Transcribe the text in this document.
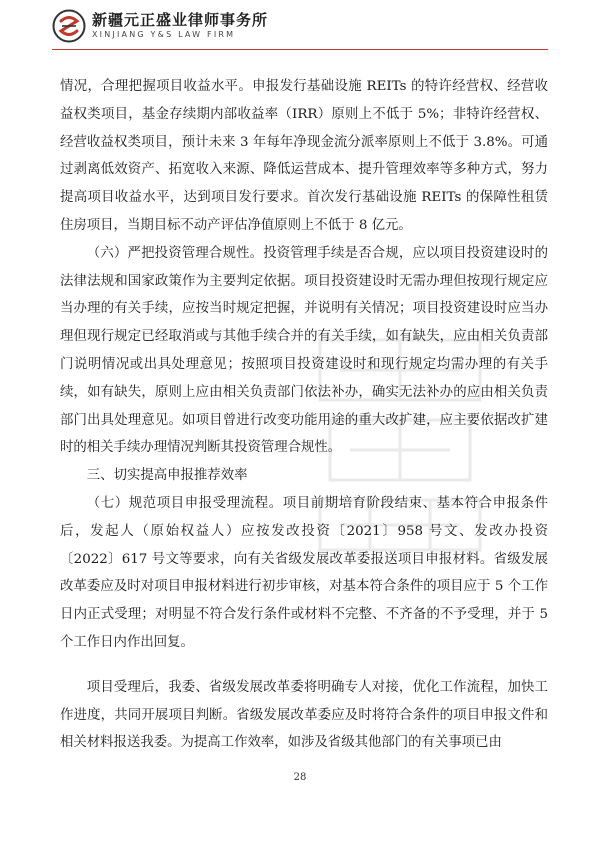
新疆元正盛业律师事务所
XINJIANG Y&S LAW FIRM

情况，合理把握项目收益水平。申报发行基础设施 REITs 的特许经营权、经营收益权类项目，基金存续期内部收益率（IRR）原则上不低于 5%；非特许经营权、经营收益权类项目，预计未来 3 年每年净现金流分派率原则上不低于 3.8%。可通过剥离低效资产、拓宽收入来源、降低运营成本、提升管理效率等多种方式，努力提高项目收益水平，达到项目发行要求。首次发行基础设施 REITs 的保障性租赁住房项目，当期目标不动产评估净值原则上不低于 8 亿元。

（六）严把投资管理合规性。投资管理手续是否合规，应以项目投资建设时的法律法规和国家政策作为主要判定依据。项目投资建设时无需办理但按现行规定应当办理的有关手续，应按当时规定把握，并说明有关情况；项目投资建设时应当办理但现行规定已经取消或与其他手续合并的有关手续，如有缺失，应由相关负责部门说明情况或出具处理意见；按照项目投资建设时和现行规定均需办理的有关手续，如有缺失，原则上应由相关负责部门依法补办，确实无法补办的应由相关负责部门出具处理意见。如项目曾进行改变功能用途的重大改扩建，应主要依据改扩建时的相关手续办理情况判断其投资管理合规性。

三、切实提高申报推荐效率

（七）规范项目申报受理流程。项目前期培育阶段结束、基本符合申报条件后，发起人（原始权益人）应按发改投资〔2021〕958 号文、发改办投资〔2022〕617 号文等要求，向有关省级发展改革委报送项目申报材料。省级发展改革委应及时对项目申报材料进行初步审核，对基本符合条件的项目应于 5 个工作日内正式受理；对明显不符合发行条件或材料不完整、不齐备的不予受理，并于 5 个工作日内作出回复。

项目受理后，我委、省级发展改革委将明确专人对接，优化工作流程，加快工作进度，共同开展项目判断。省级发展改革委应及时将符合条件的项目申报文件和相关材料报送我委。为提高工作效率，如涉及省级其他部门的有关事项已由

28
